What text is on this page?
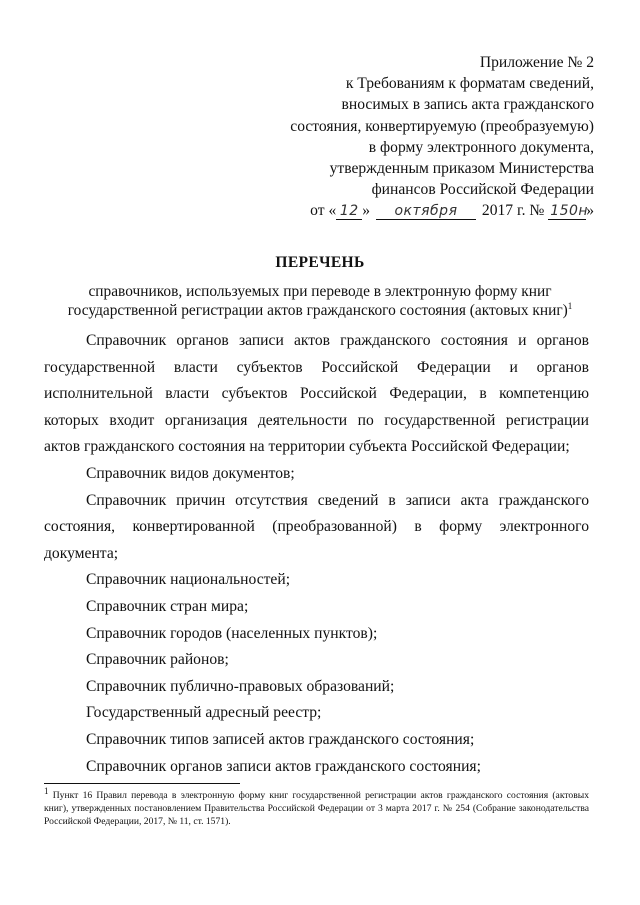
Приложение № 2
к Требованиям к форматам сведений,
вносимых в запись акта гражданского
состояния, конвертируемую (преобразуемую)
в форму электронного документа,
утвержденным приказом Министерства
финансов Российской Федерации
от « 12 » октября 2017 г. № 150н»
ПЕРЕЧЕНЬ
справочников, используемых при переводе в электронную форму книг государственной регистрации актов гражданского состояния (актовых книг)$^1$

Справочник органов записи актов гражданского состояния и органов государственной власти субъектов Российской Федерации и органов исполнительной власти субъектов Российской Федерации, в компетенцию которых входит организация деятельности по государственной регистрации актов гражданского состояния на территории субъекта Российской Федерации;

Справочник видов документов;

Справочник причин отсутствия сведений в записи акта гражданского состояния, конвертированной (преобразованной) в форму электронного документа;

Справочник национальностей;

Справочник стран мира;

Справочник городов (населенных пунктов);

Справочник районов;

Справочник публично-правовых образований;

Государственный адресный реестр;

Справочник типов записей актов гражданского состояния;

Справочник органов записи актов гражданского состояния;

$^1$ Пункт 16 Правил перевода в электронную форму книг государственной регистрации актов гражданского состояния (актовых книг), утвержденных постановлением Правительства Российской Федерации от 3 марта 2017 г. № 254 (Собрание законодательства Российской Федерации, 2017, № 11, ст. 1571).
